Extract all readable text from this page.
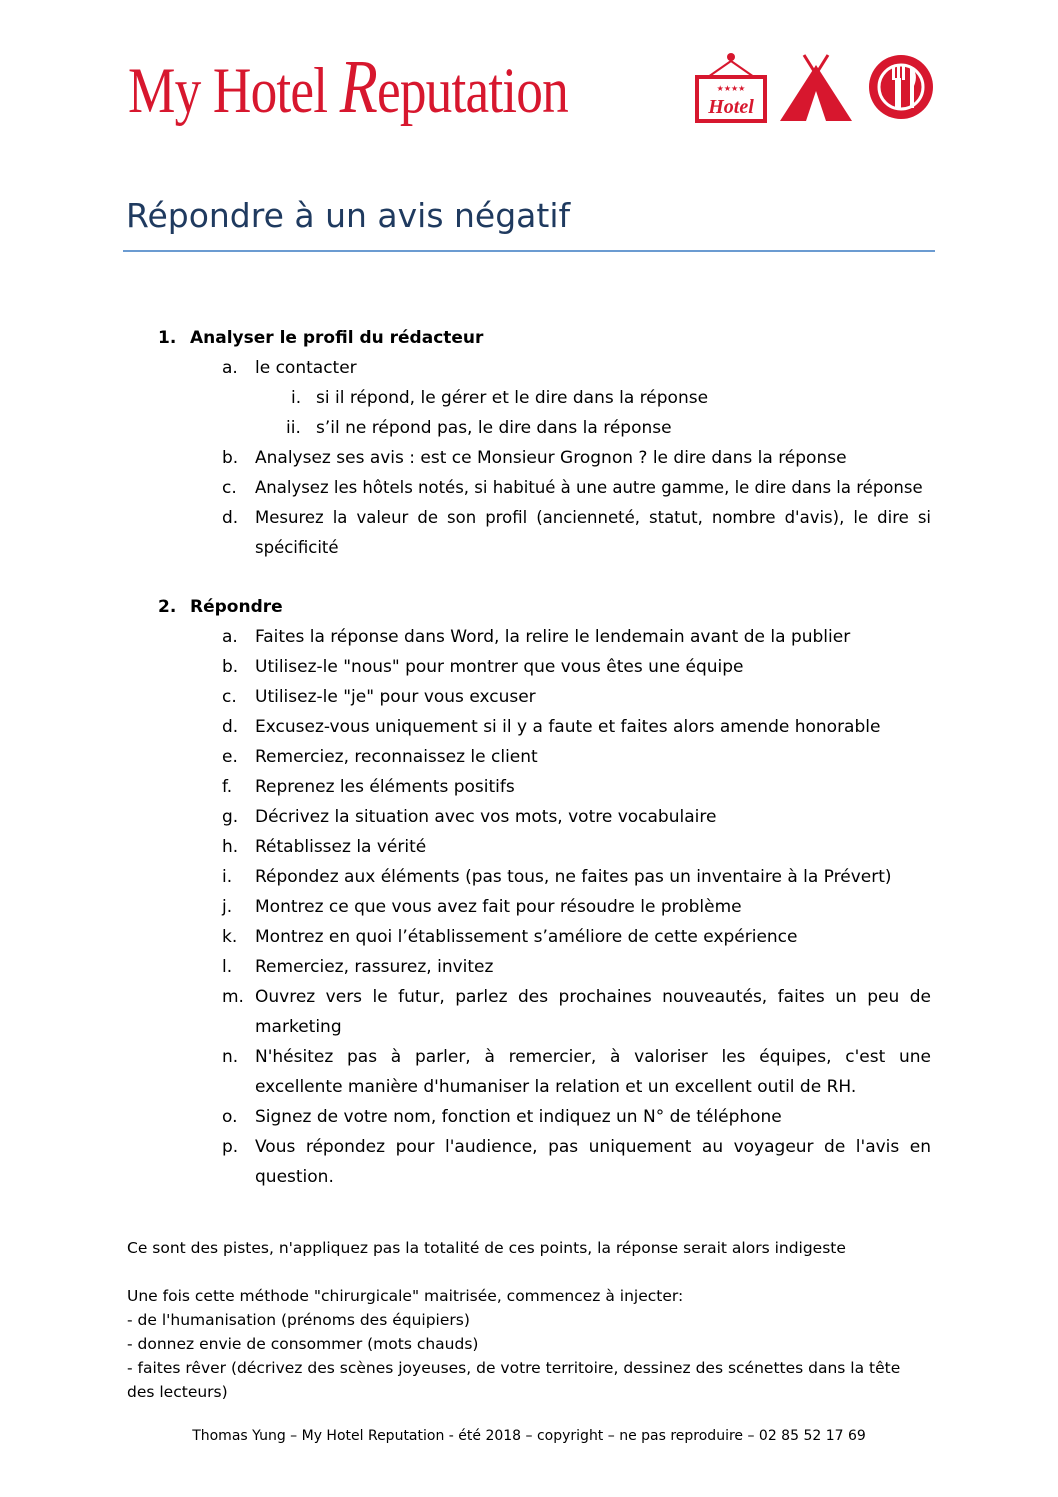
My Hotel Reputation	★★★★
Hotel
Répondre à un avis négatif
1. Analyser le profil du rédacteur
a. le contacter
i. si il répond, le gérer et le dire dans la réponse
ii. s’il ne répond pas, le dire dans la réponse
b. Analysez ses avis : est ce Monsieur Grognon ? le dire dans la réponse
c. Analysez les hôtels notés, si habitué à une autre gamme, le dire dans la réponse
d. Mesurez la valeur de son profil (ancienneté, statut, nombre d'avis), le dire si spécificité
2. Répondre
a. Faites la réponse dans Word, la relire le lendemain avant de la publier
b. Utilisez-le "nous" pour montrer que vous êtes une équipe
c. Utilisez-le "je" pour vous excuser
d. Excusez-vous uniquement si il y a faute et faites alors amende honorable
e. Remerciez, reconnaissez le client
f. Reprenez les éléments positifs
g. Décrivez la situation avec vos mots, votre vocabulaire
h. Rétablissez la vérité
i. Répondez aux éléments (pas tous, ne faites pas un inventaire à la Prévert)
j. Montrez ce que vous avez fait pour résoudre le problème
k. Montrez en quoi l’établissement s’améliore de cette expérience
l. Remerciez, rassurez, invitez
m. Ouvrez vers le futur, parlez des prochaines nouveautés, faites un peu de marketing
n. N'hésitez pas à parler, à remercier, à valoriser les équipes, c'est une excellente manière d'humaniser la relation et un excellent outil de RH.
o. Signez de votre nom, fonction et indiquez un N° de téléphone
p. Vous répondez pour l'audience, pas uniquement au voyageur de l'avis en question.
Ce sont des pistes, n'appliquez pas la totalité de ces points, la réponse serait alors indigeste
Une fois cette méthode "chirurgicale" maitrisée, commencez à injecter:
- de l'humanisation (prénoms des équipiers)
- donnez envie de consommer (mots chauds)
- faites rêver (décrivez des scènes joyeuses, de votre territoire, dessinez des scénettes dans la tête des lecteurs)
Thomas Yung – My Hotel Reputation - été 2018 – copyright – ne pas reproduire – 02 85 52 17 69
